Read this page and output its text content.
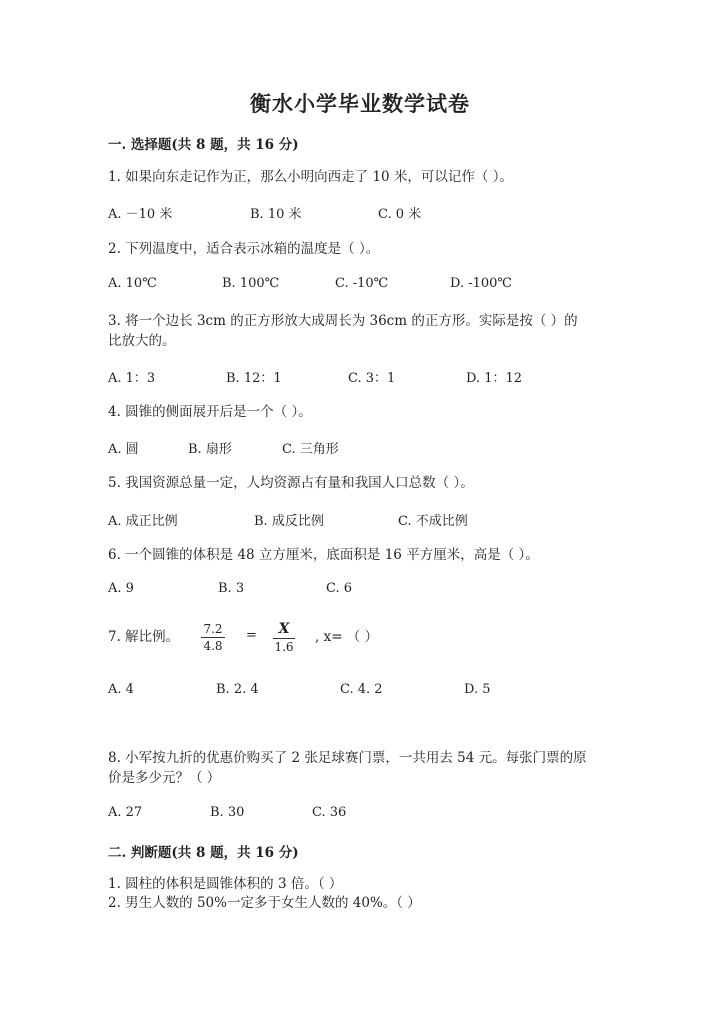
衡水小学毕业数学试卷
一. 选择题(共 8 题，共 16 分)
1. 如果向东走记作为正，那么小明向西走了 10 米，可以记作（ ）。
A. －10 米	B. 10 米	C. 0 米
2. 下列温度中，适合表示冰箱的温度是（ ）。
A. 10℃	B. 100℃	C. -10℃	D. -100℃
3. 将一个边长 3cm 的正方形放大成周长为 36cm 的正方形。实际是按（ ）的
比放大的。
A. 1：3	B. 12：1	C. 3：1	D. 1：12
4. 圆锥的侧面展开后是一个（ ）。
A. 圆	B. 扇形	C. 三角形
5. 我国资源总量一定，人均资源占有量和我国人口总数（ ）。
A. 成正比例	B. 成反比例	C. 不成比例
6. 一个圆锥的体积是 48 立方厘米，底面积是 16 平方厘米，高是（ ）。
A. 9	B. 3	C. 6
7. 解比例。 7.2
4.8
=	X
1.6
, x= （ ）
A. 4	B. 2. 4	C. 4. 2	D. 5
8. 小军按九折的优惠价购买了 2 张足球赛门票，一共用去 54 元。每张门票的原
价是多少元？（ ）
A. 27	B. 30	C. 36
二. 判断题(共 8 题，共 16 分)
1. 圆柱的体积是圆锥体积的 3 倍。（ ）
2. 男生人数的 50%一定多于女生人数的 40%。（ ）
